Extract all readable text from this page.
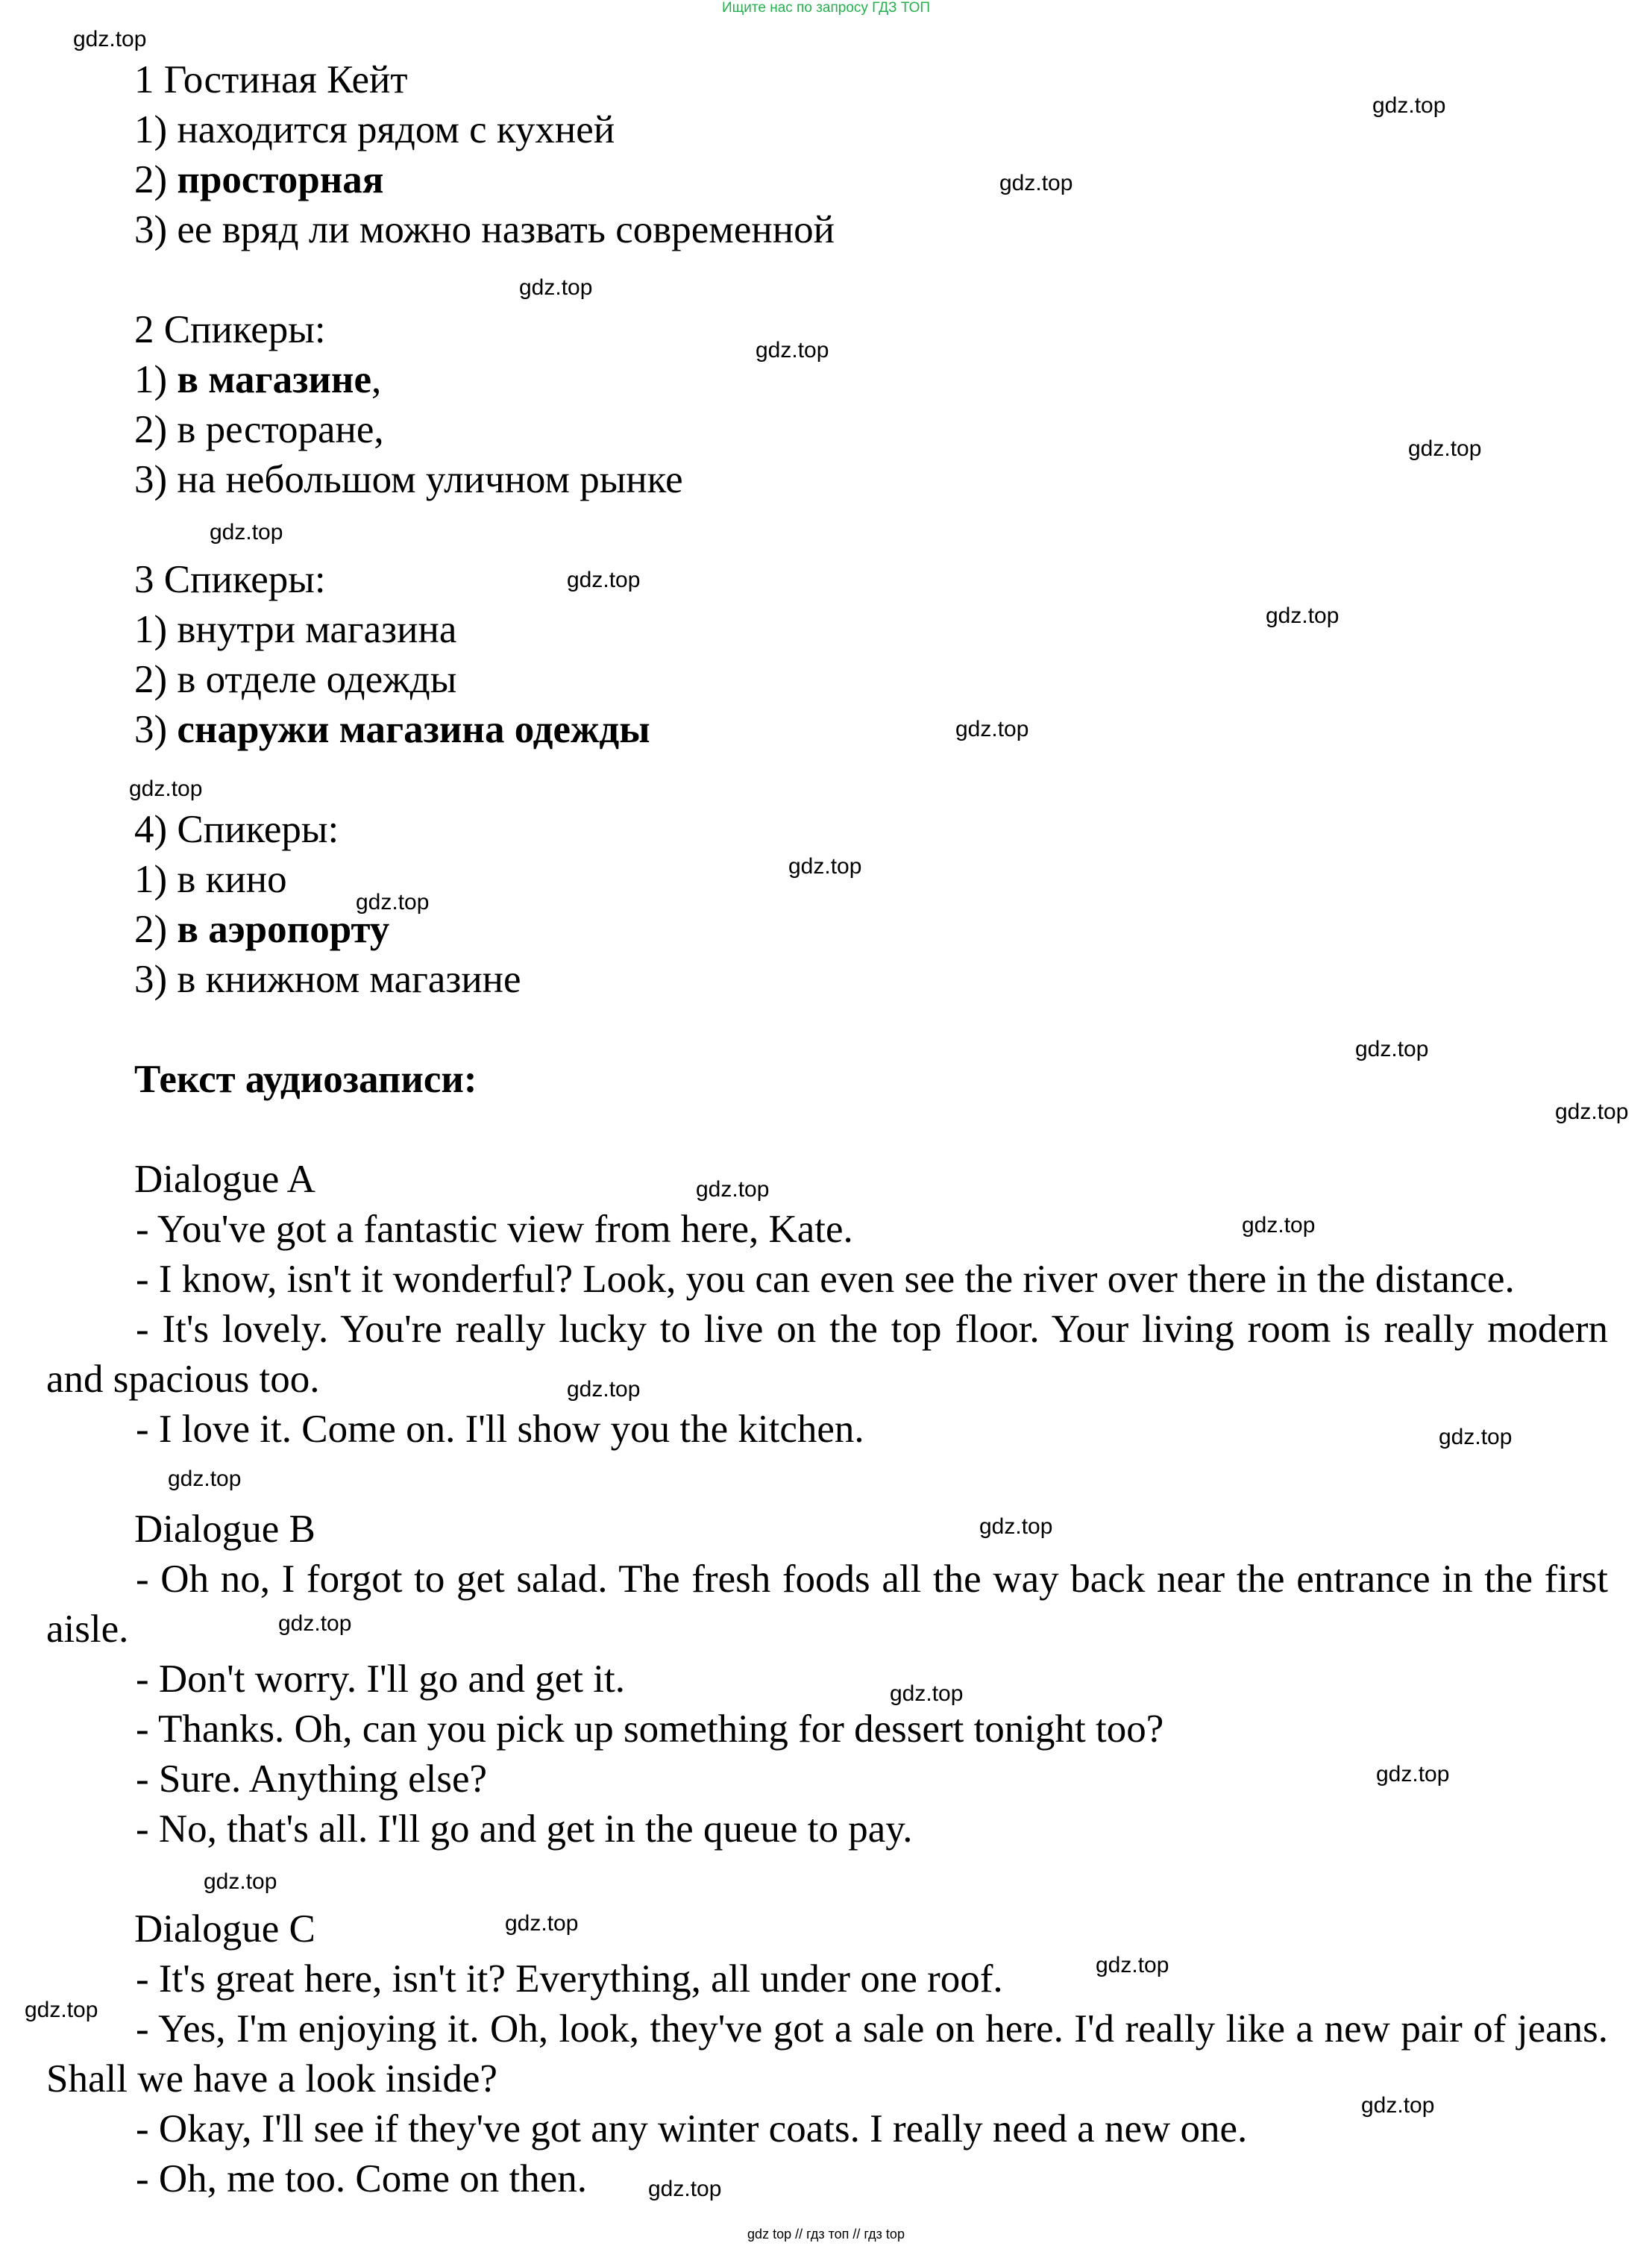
Ищите нас по запросу ГДЗ ТОП
1 Гостиная Кейт
1) находится рядом с кухней
2) просторная
3) ее вряд ли можно назвать современной
2 Спикеры:
1) в магазине,
2) в ресторане,
3) на небольшом уличном рынке
3 Спикеры:
1) внутри магазина
2) в отделе одежды
3) снаружи магазина одежды
4) Спикеры:
1) в кино
2) в аэропорту
3) в книжном магазине
Текст аудиозаписи:
Dialogue A
- You've got a fantastic view from here, Kate.
- I know, isn't it wonderful? Look, you can even see the river over there in the distance.
- It's lovely. You're really lucky to live on the top floor. Your living room is really modern and spacious too.
- I love it. Come on. I'll show you the kitchen.
Dialogue B
- Oh no, I forgot to get salad. The fresh foods all the way back near the entrance in the first aisle.
- Don't worry. I'll go and get it.
- Thanks. Oh, can you pick up something for dessert tonight too?
- Sure. Anything else?
- No, that's all. I'll go and get in the queue to pay.
Dialogue C
- It's great here, isn't it? Everything, all under one roof.
- Yes, I'm enjoying it. Oh, look, they've got a sale on here. I'd really like a new pair of jeans. Shall we have a look inside?
- Okay, I'll see if they've got any winter coats. I really need a new one.
- Oh, me too. Come on then.
gdz.top
gdz.top
gdz.top
gdz.top
gdz.top
gdz.top
gdz.top
gdz.top
gdz.top
gdz.top
gdz.top
gdz.top
gdz.top
gdz.top
gdz.top
gdz.top
gdz.top
gdz.top
gdz.top
gdz.top
gdz.top
gdz.top
gdz.top
gdz.top
gdz.top
gdz.top
gdz.top
gdz.top
gdz.top
gdz.top
gdz top // гдз топ // гдз top
